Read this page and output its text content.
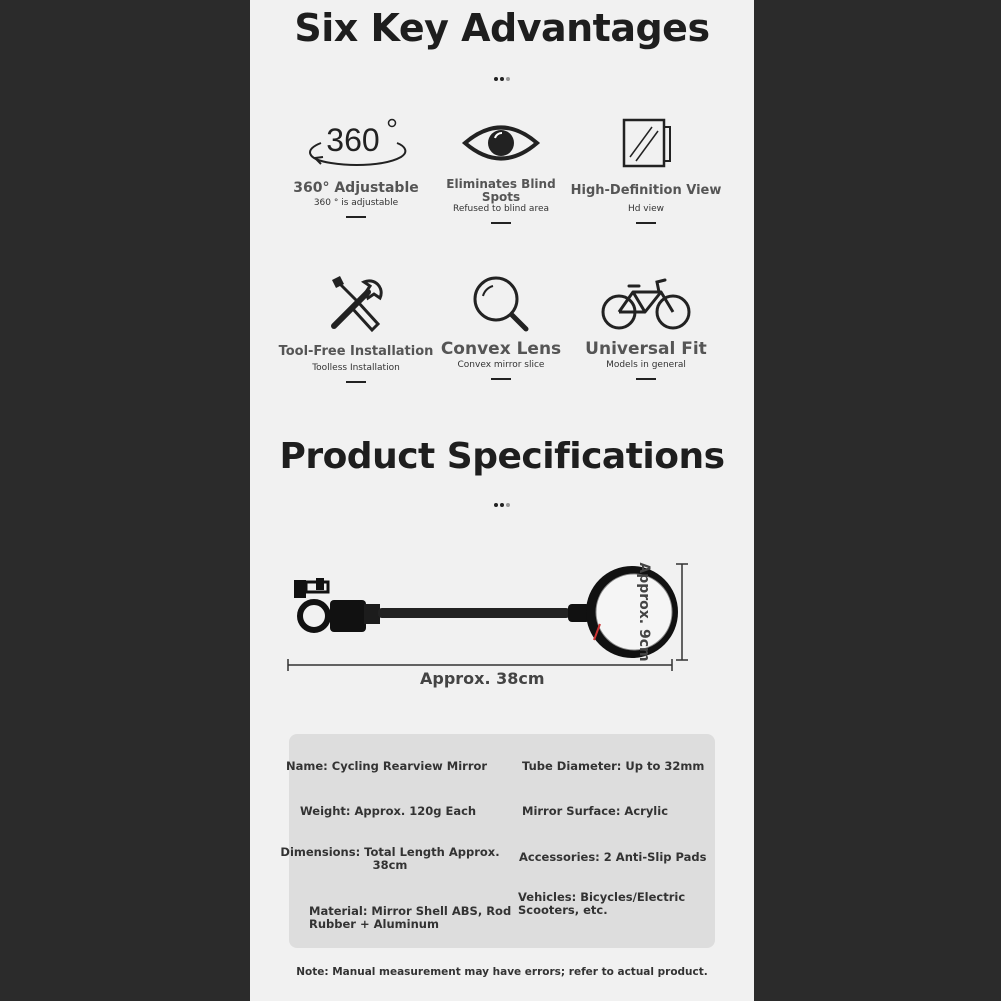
Six Key Advantages
360
360° Adjustable
360 ° is adjustable
Eliminates Blind Spots
Refused to blind area
High-Definition View
Hd view
Tool-Free Installation
Toolless Installation
Convex Lens
Convex mirror slice
Universal Fit
Models in general
Product Specifications
Approx. 38cm
Approx. 9cm
Name: Cycling Rearview Mirror	Tube Diameter: Up to 32mm
Weight: Approx. 120g Each	Mirror Surface: Acrylic
Dimensions: Total Length Approx. 38cm
Accessories: 2 Anti-Slip Pads
Vehicles: Bicycles/Electric Scooters, etc.
Material: Mirror Shell ABS, Rod Rubber + Aluminum
Note: Manual measurement may have errors; refer to actual product.
